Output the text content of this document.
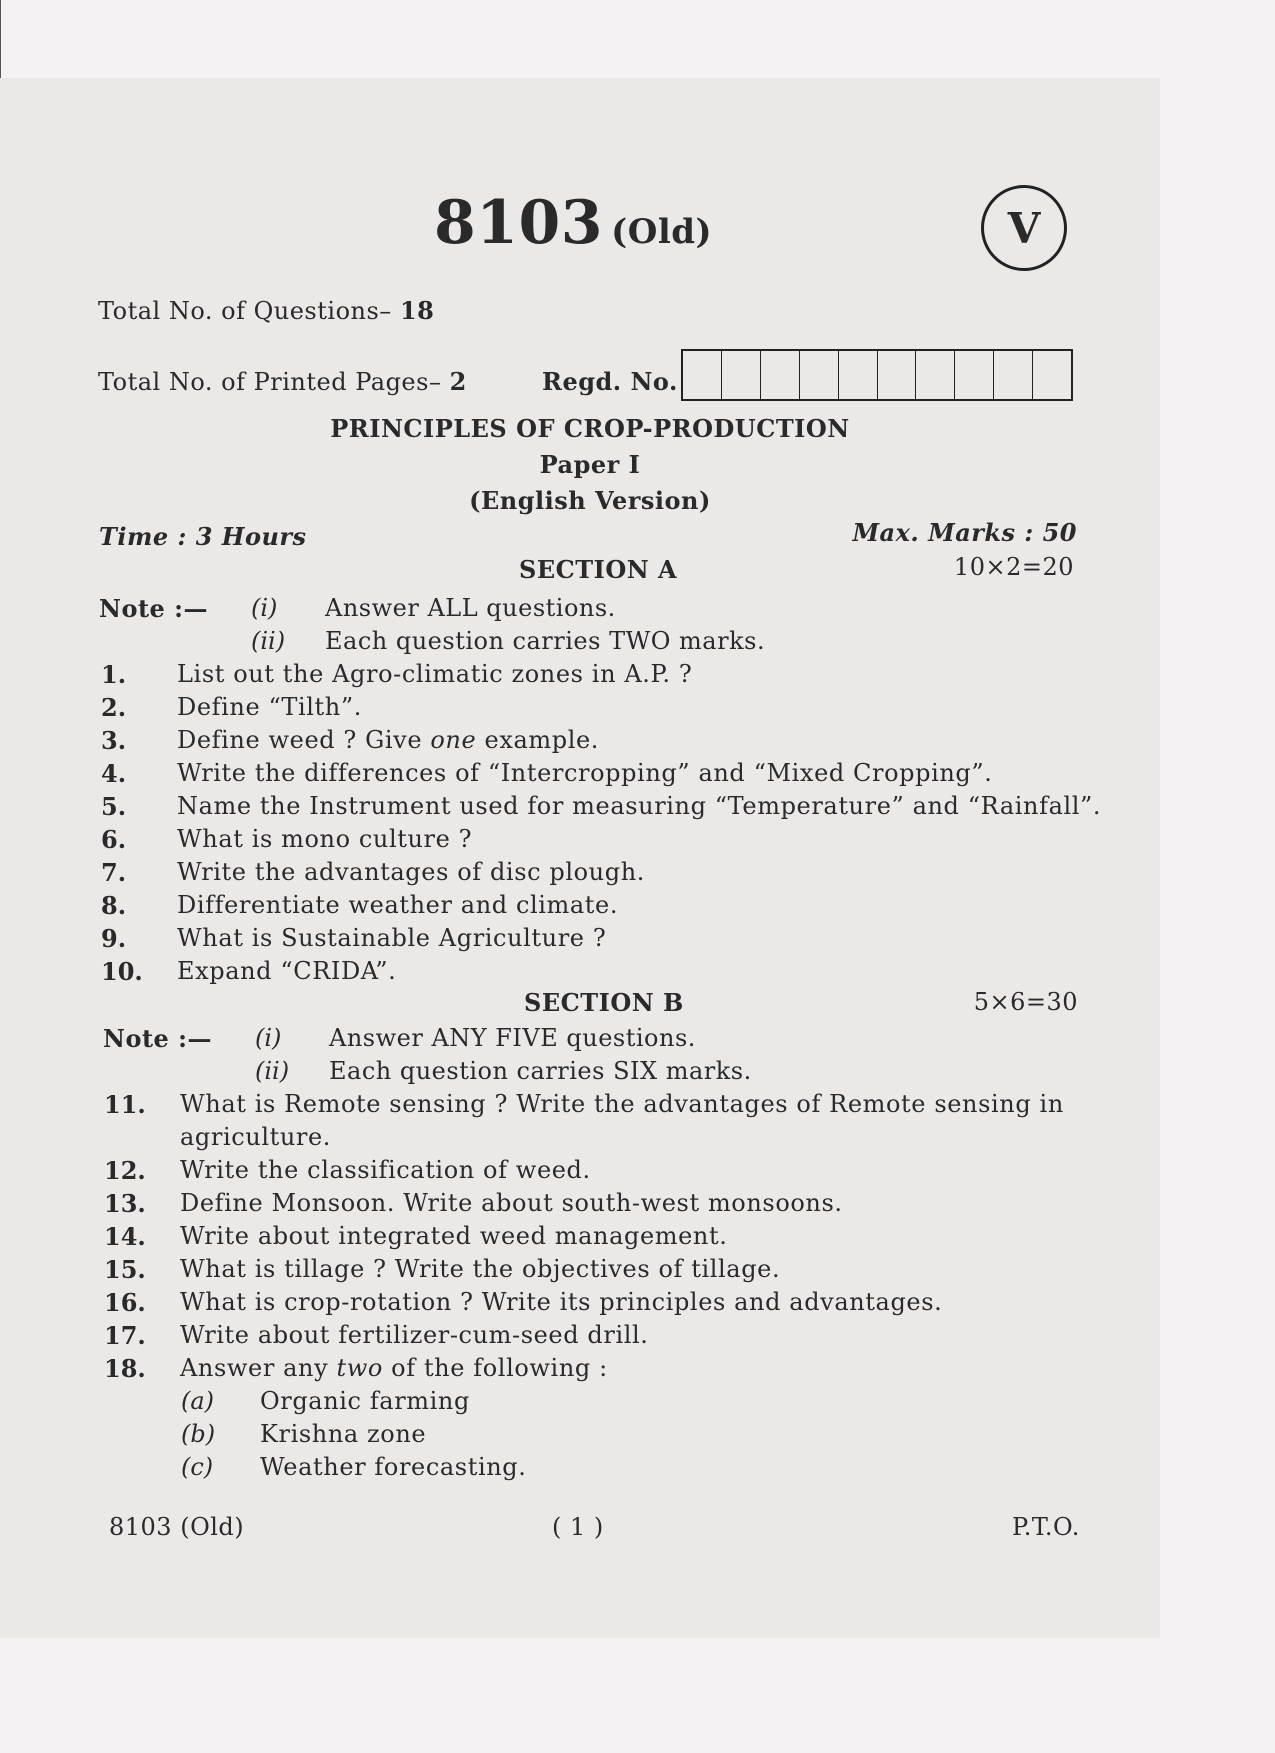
8103 (Old)	V
Total No. of Questions– 18
Total No. of Printed Pages– 2	Regd. No.
PRINCIPLES OF CROP-PRODUCTION
Paper I
(English Version)
Time : 3 Hours	Max. Marks : 50
SECTION A	10×2=20
Note :— (i) Answer ALL questions.
(ii) Each question carries TWO marks.
1. List out the Agro-climatic zones in A.P. ?
2. Define “Tilth”.
3. Define weed ? Give one example.
4. Write the differences of “Intercropping” and “Mixed Cropping”.
5. Name the Instrument used for measuring “Temperature” and “Rainfall”.
6. What is mono culture ?
7. Write the advantages of disc plough.
8. Differentiate weather and climate.
9. What is Sustainable Agriculture ?
10. Expand “CRIDA”.
SECTION B	5×6=30
Note :— (i) Answer ANY FIVE questions.
(ii) Each question carries SIX marks.
11. What is Remote sensing ? Write the advantages of Remote sensing in
agriculture.
12. Write the classification of weed.
13. Define Monsoon. Write about south-west monsoons.
14. Write about integrated weed management.
15. What is tillage ? Write the objectives of tillage.
16. What is crop-rotation ? Write its principles and advantages.
17. Write about fertilizer-cum-seed drill.
18. Answer any two of the following :
(a) Organic farming
(b) Krishna zone
(c) Weather forecasting.
8103 (Old)	( 1 )	P.T.O.
